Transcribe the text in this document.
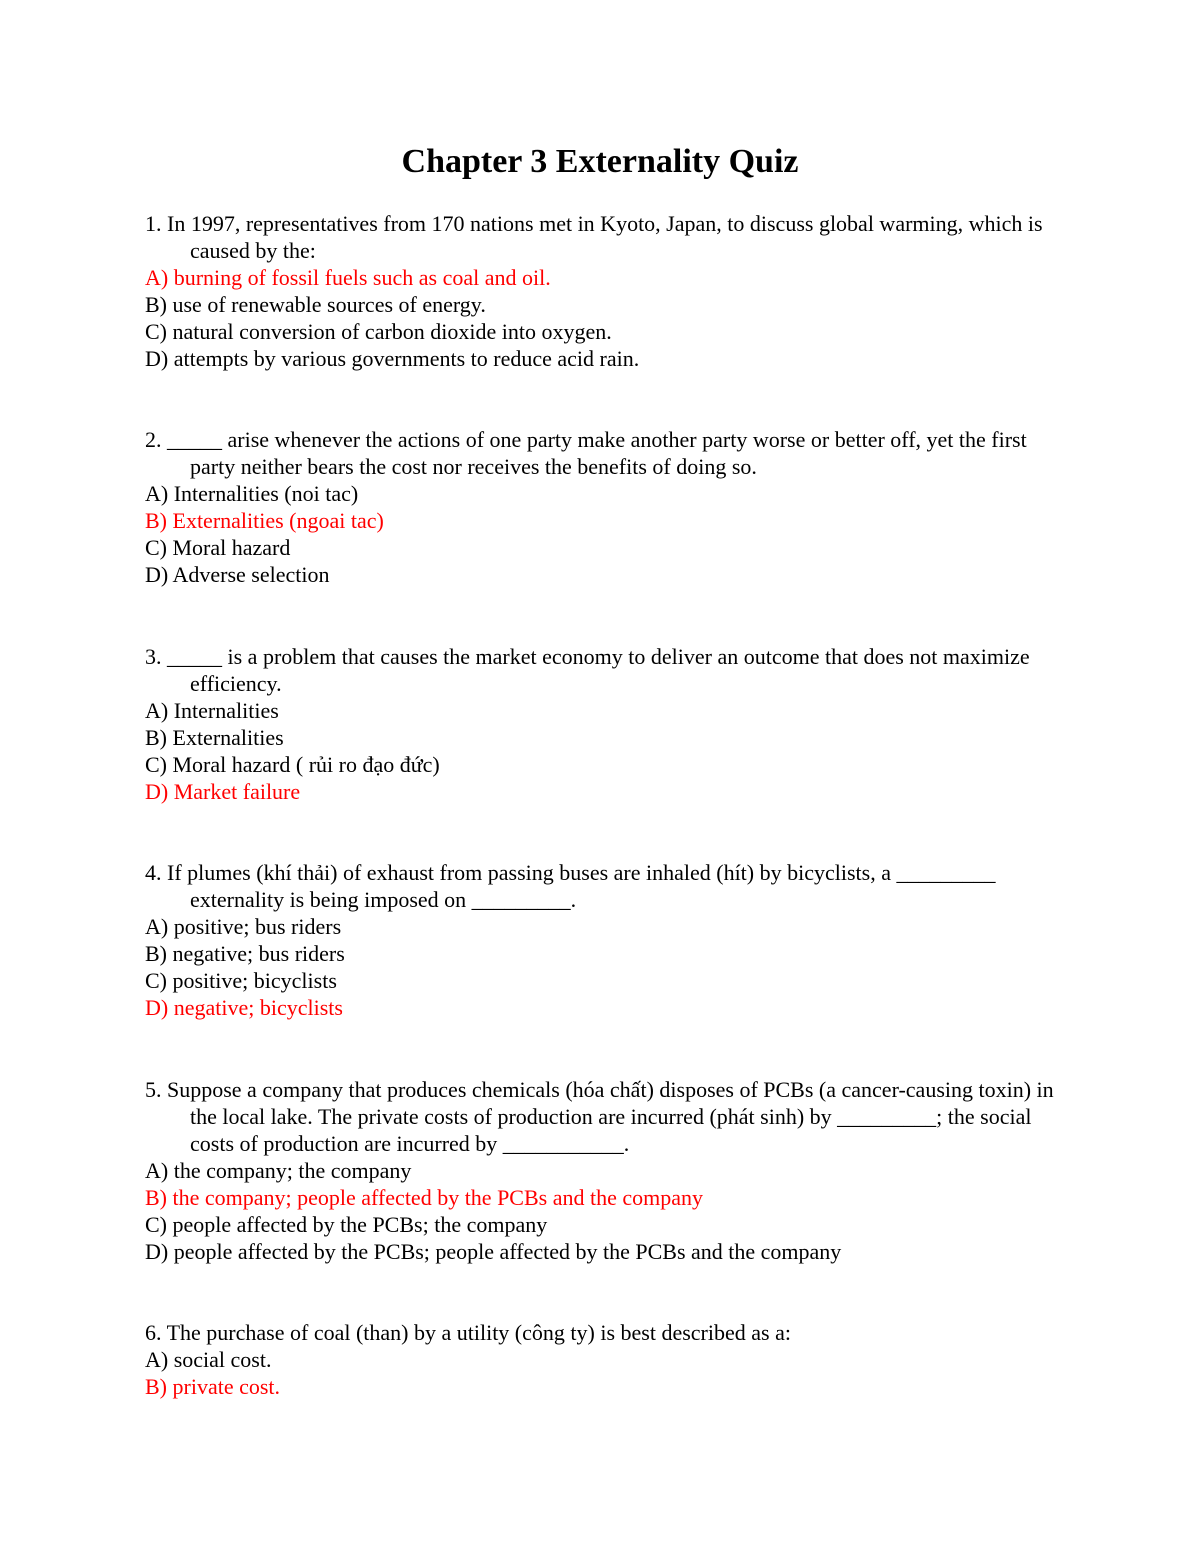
Chapter 3 Externality Quiz
1. In 1997, representatives from 170 nations met in Kyoto, Japan, to discuss global warming, which is caused by the:
A) burning of fossil fuels such as coal and oil.
B) use of renewable sources of energy.
C) natural conversion of carbon dioxide into oxygen.
D) attempts by various governments to reduce acid rain.
2. _____ arise whenever the actions of one party make another party worse or better off, yet the first party neither bears the cost nor receives the benefits of doing so.
A) Internalities (noi tac)
B) Externalities (ngoai tac)
C) Moral hazard
D) Adverse selection
3. _____ is a problem that causes the market economy to deliver an outcome that does not maximize efficiency.
A) Internalities
B) Externalities
C) Moral hazard ( rủi ro đạo đức)
D) Market failure
4. If plumes (khí thải) of exhaust from passing buses are inhaled (hít) by bicyclists, a _________ externality is being imposed on _________.
A) positive; bus riders
B) negative; bus riders
C) positive; bicyclists
D) negative; bicyclists
5. Suppose a company that produces chemicals (hóa chất) disposes of PCBs (a cancer-causing toxin) in the local lake. The private costs of production are incurred (phát sinh) by _________; the social costs of production are incurred by ___________.
A) the company; the company
B) the company; people affected by the PCBs and the company
C) people affected by the PCBs; the company
D) people affected by the PCBs; people affected by the PCBs and the company
6. The purchase of coal (than) by a utility (công ty) is best described as a:
A) social cost.
B) private cost.
